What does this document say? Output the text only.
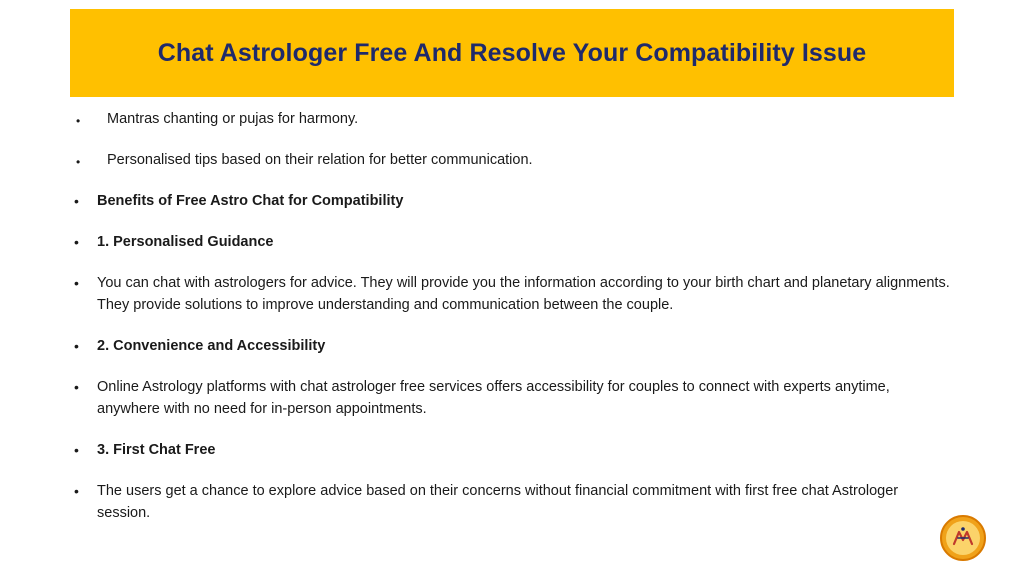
Chat Astrologer Free And Resolve Your Compatibility Issue
•	Mantras chanting or pujas for harmony.
•	Personalised tips based on their relation for better communication.
•	Benefits of Free Astro Chat for Compatibility
•	1. Personalised Guidance
•	You can chat with astrologers for advice. They will provide you the information according to your birth chart and planetary alignments. They provide solutions to improve understanding and communication between the couple.
•	2. Convenience and Accessibility
•	Online Astrology platforms with chat astrologer free services offers accessibility for couples to connect with experts anytime, anywhere with no need for in-person appointments.
•	3. First Chat Free
•	The users get a chance to explore advice based on their concerns without financial commitment with first free chat Astrologer session.
